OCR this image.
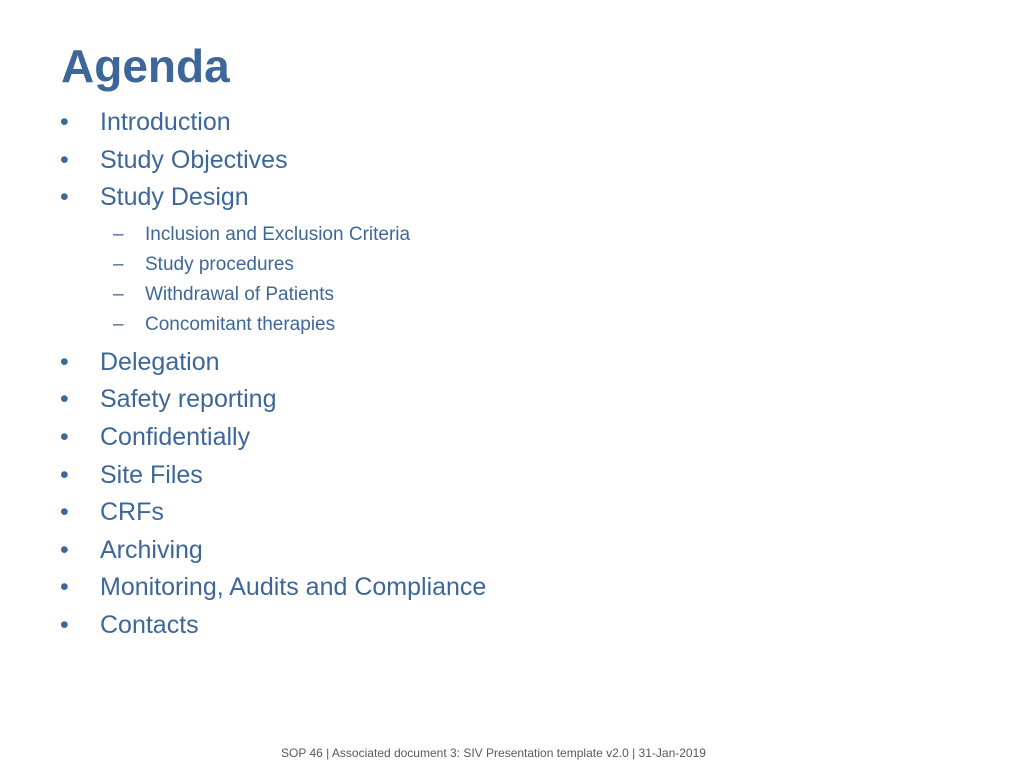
Agenda
• Introduction
• Study Objectives
• Study Design
– Inclusion and Exclusion Criteria
– Study procedures
– Withdrawal of Patients
– Concomitant therapies
• Delegation
• Safety reporting
• Confidentially
• Site Files
• CRFs
• Archiving
• Monitoring, Audits and Compliance
• Contacts
SOP 46 | Associated document 3: SIV Presentation template v2.0 | 31-Jan-2019
